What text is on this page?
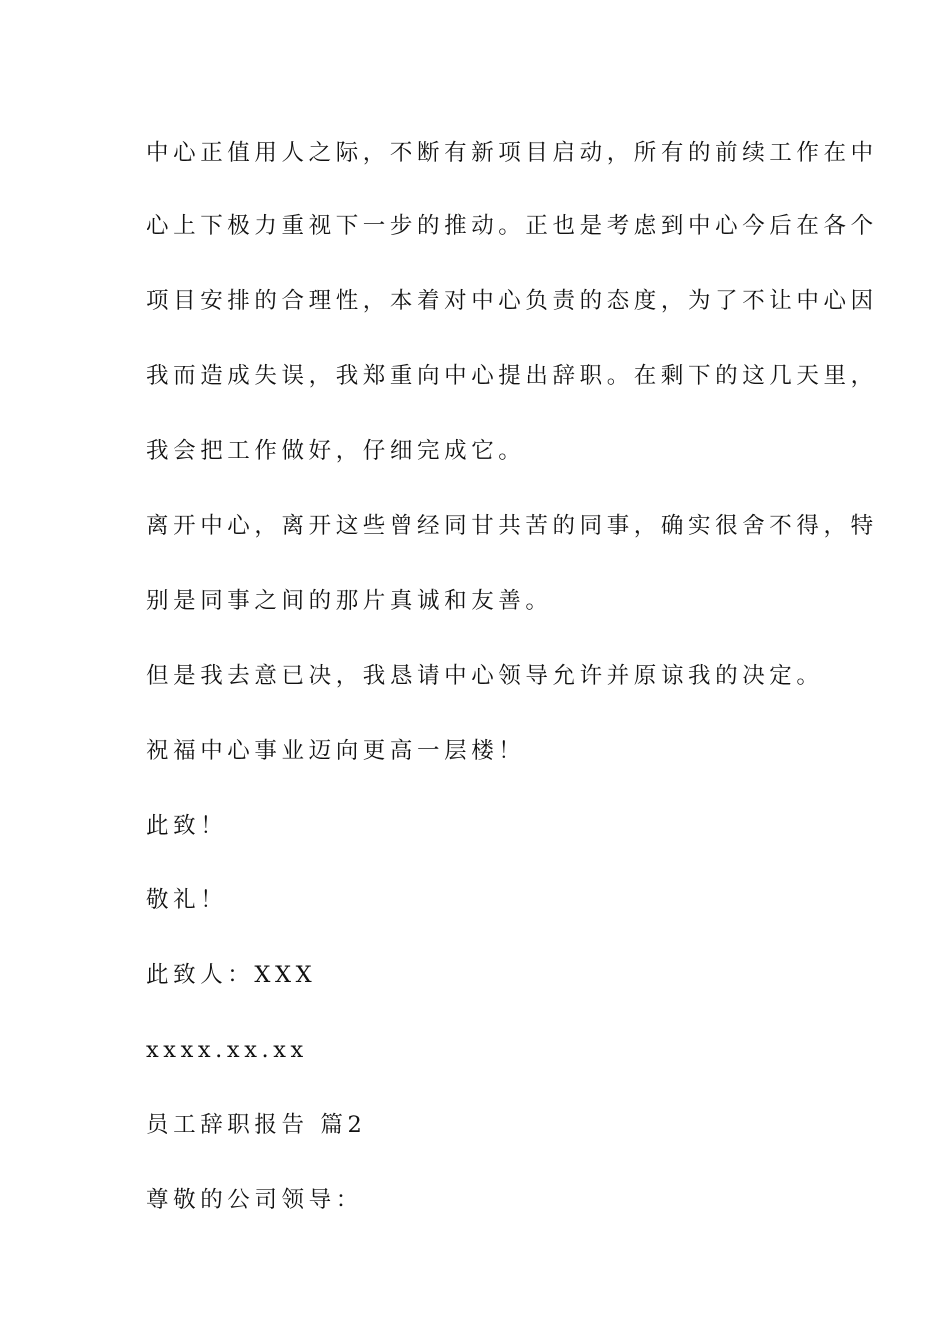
中心正值用人之际，不断有新项目启动，所有的前续工作在中
心上下极力重视下一步的推动。正也是考虑到中心今后在各个
项目安排的合理性，本着对中心负责的态度，为了不让中心因
我而造成失误，我郑重向中心提出辞职。在剩下的这几天里，
我会把工作做好，仔细完成它。
离开中心，离开这些曾经同甘共苦的同事，确实很舍不得，特
别是同事之间的那片真诚和友善。
但是我去意已决，我恳请中心领导允许并原谅我的决定。
祝福中心事业迈向更高一层楼！
此致！
敬礼！
此致人：XXX
xxxx.xx.xx
员工辞职报告 篇2
尊敬的公司领导：
